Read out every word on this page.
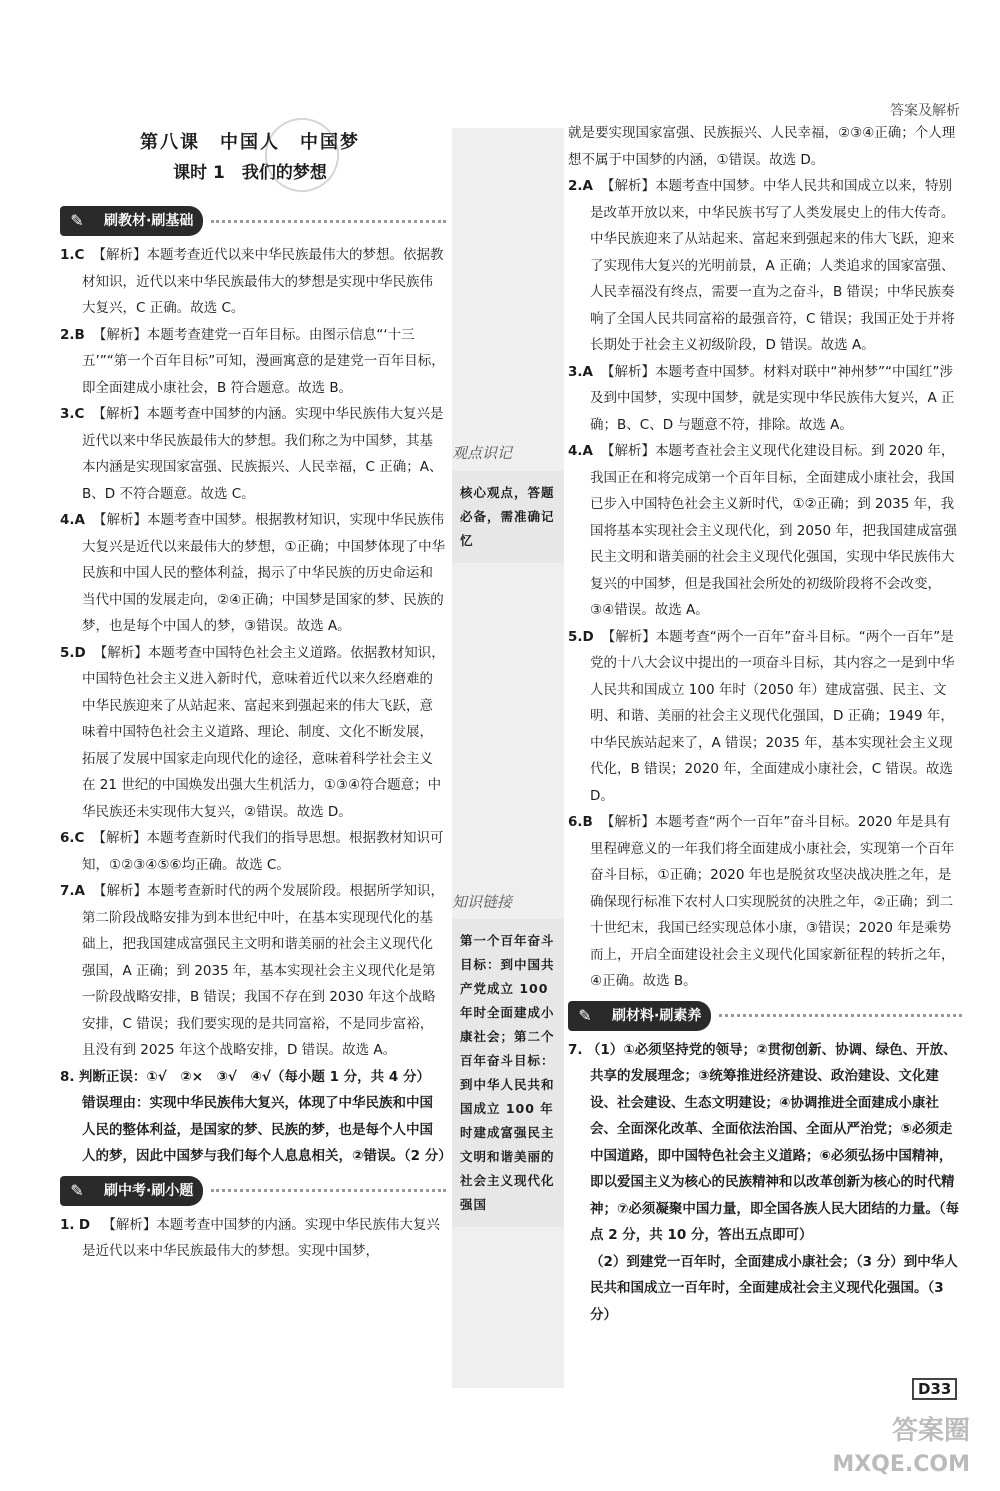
答案及解析

第八课　中国人　中国梦

课时 1　我们的梦想

✎	刷教材·刷基础

1.C 【解析】本题考查近代以来中华民族最伟大的梦想。依据教材知识，近代以来中华民族最伟大的梦想是实现中华民族伟大复兴，C 正确。故选 C。

2.B 【解析】本题考查建党一百年目标。由图示信息“‘十三五’”“第一个百年目标”可知，漫画寓意的是建党一百年目标，即全面建成小康社会，B 符合题意。故选 B。

3.C 【解析】本题考查中国梦的内涵。实现中华民族伟大复兴是近代以来中华民族最伟大的梦想。我们称之为中国梦，其基本内涵是实现国家富强、民族振兴、人民幸福，C 正确；A、B、D 不符合题意。故选 C。

4.A 【解析】本题考查中国梦。根据教材知识，实现中华民族伟大复兴是近代以来最伟大的梦想，①正确；中国梦体现了中华民族和中国人民的整体利益，揭示了中华民族的历史命运和当代中国的发展走向，②④正确；中国梦是国家的梦、民族的梦，也是每个中国人的梦，③错误。故选 A。

5.D 【解析】本题考查中国特色社会主义道路。依据教材知识，中国特色社会主义进入新时代，意味着近代以来久经磨难的中华民族迎来了从站起来、富起来到强起来的伟大飞跃，意味着中国特色社会主义道路、理论、制度、文化不断发展，拓展了发展中国家走向现代化的途径，意味着科学社会主义在 21 世纪的中国焕发出强大生机活力，①③④符合题意；中华民族还未实现伟大复兴，②错误。故选 D。

6.C 【解析】本题考查新时代我们的指导思想。根据教材知识可知，①②③④⑤⑥均正确。故选 C。

7.A 【解析】本题考查新时代的两个发展阶段。根据所学知识，第二阶段战略安排为到本世纪中叶，在基本实现现代化的基础上，把我国建成富强民主文明和谐美丽的社会主义现代化强国，A 正确；到 2035 年，基本实现社会主义现代化是第一阶段战略安排，B 错误；我国不存在到 2030 年这个战略安排，C 错误；我们要实现的是共同富裕，不是同步富裕，且没有到 2025 年这个战略安排，D 错误。故选 A。

8. 判断正误：①√　②×　③√　④√（每小题 1 分，共 4 分）

错误理由：实现中华民族伟大复兴，体现了中华民族和中国人民的整体利益，是国家的梦、民族的梦，也是每个人中国人的梦，因此中国梦与我们每个人息息相关，②错误。（2 分）

✎	刷中考·刷小题

1. D 【解析】本题考查中国梦的内涵。实现中华民族伟大复兴是近代以来中华民族最伟大的梦想。实现中国梦，

观点识记

核心观点，答题必备，需准确记忆

知识链接

第一个百年奋斗目标：到中国共产党成立 100 年时全面建成小康社会；第二个百年奋斗目标：到中华人民共和国成立 100 年时建成富强民主文明和谐美丽的社会主义现代化强国

就是要实现国家富强、民族振兴、人民幸福，②③④正确；个人理想不属于中国梦的内涵，①错误。故选 D。

2.A 【解析】本题考查中国梦。中华人民共和国成立以来，特别是改革开放以来，中华民族书写了人类发展史上的伟大传奇。中华民族迎来了从站起来、富起来到强起来的伟大飞跃，迎来了实现伟大复兴的光明前景，A 正确；人类追求的国家富强、人民幸福没有终点，需要一直为之奋斗，B 错误；中华民族奏响了全国人民共同富裕的最强音符，C 错误；我国正处于并将长期处于社会主义初级阶段，D 错误。故选 A。

3.A 【解析】本题考查中国梦。材料对联中“神州梦”“中国红”涉及到中国梦，实现中国梦，就是实现中华民族伟大复兴，A 正确；B、C、D 与题意不符，排除。故选 A。

4.A 【解析】本题考查社会主义现代化建设目标。到 2020 年，我国正在和将完成第一个百年目标，全面建成小康社会，我国已步入中国特色社会主义新时代，①②正确；到 2035 年，我国将基本实现社会主义现代化，到 2050 年，把我国建成富强民主文明和谐美丽的社会主义现代化强国，实现中华民族伟大复兴的中国梦，但是我国社会所处的初级阶段将不会改变，③④错误。故选 A。

5.D 【解析】本题考查“两个一百年”奋斗目标。“两个一百年”是党的十八大会议中提出的一项奋斗目标，其内容之一是到中华人民共和国成立 100 年时（2050 年）建成富强、民主、文明、和谐、美丽的社会主义现代化强国，D 正确；1949 年，中华民族站起来了，A 错误；2035 年，基本实现社会主义现代化，B 错误；2020 年，全面建成小康社会，C 错误。故选 D。

6.B 【解析】本题考查“两个一百年”奋斗目标。2020 年是具有里程碑意义的一年我们将全面建成小康社会，实现第一个百年奋斗目标，①正确；2020 年也是脱贫攻坚决战决胜之年，是确保现行标准下农村人口实现脱贫的决胜之年，②正确；到二十世纪末，我国已经实现总体小康，③错误；2020 年是乘势而上，开启全面建设社会主义现代化国家新征程的转折之年，④正确。故选 B。

✎	刷材料·刷素养

7. （1）①必须坚持党的领导；②贯彻创新、协调、绿色、开放、共享的发展理念；③统筹推进经济建设、政治建设、文化建设、社会建设、生态文明建设；④协调推进全面建成小康社会、全面深化改革、全面依法治国、全面从严治党；⑤必须走中国道路，即中国特色社会主义道路；⑥必须弘扬中国精神，即以爱国主义为核心的民族精神和以改革创新为核心的时代精神；⑦必须凝聚中国力量，即全国各族人民大团结的力量。（每点 2 分，共 10 分，答出五点即可）

（2）到建党一百年时，全面建成小康社会；（3 分）到中华人民共和国成立一百年时，全面建成社会主义现代化强国。（3 分）

D33
答案圈
MXQE.COM
